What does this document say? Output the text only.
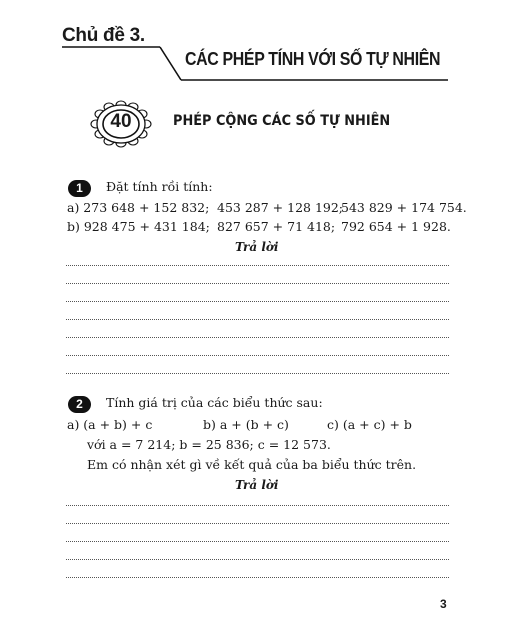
Chủ đề 3.
CÁC PHÉP TÍNH VỚI SỐ TỰ NHIÊN
40	PHÉP CỘNG CÁC SỐ TỰ NHIÊN
1	Đặt tính rồi tính:
a) 273 648 + 152 832; 453 287 + 128 192;
543 829 + 174 754.
b) 928 475 + 431 184; 827 657 + 71 418; 792 654 + 1 928.
Trả lời
2	Tính giá trị của các biểu thức sau:
a) (a + b) + c	b) a + (b + c)	c) (a + c) + b
với a = 7 214; b = 25 836; c = 12 573.
Em có nhận xét gì về kết quả của ba biểu thức trên.
Trả lời
3
